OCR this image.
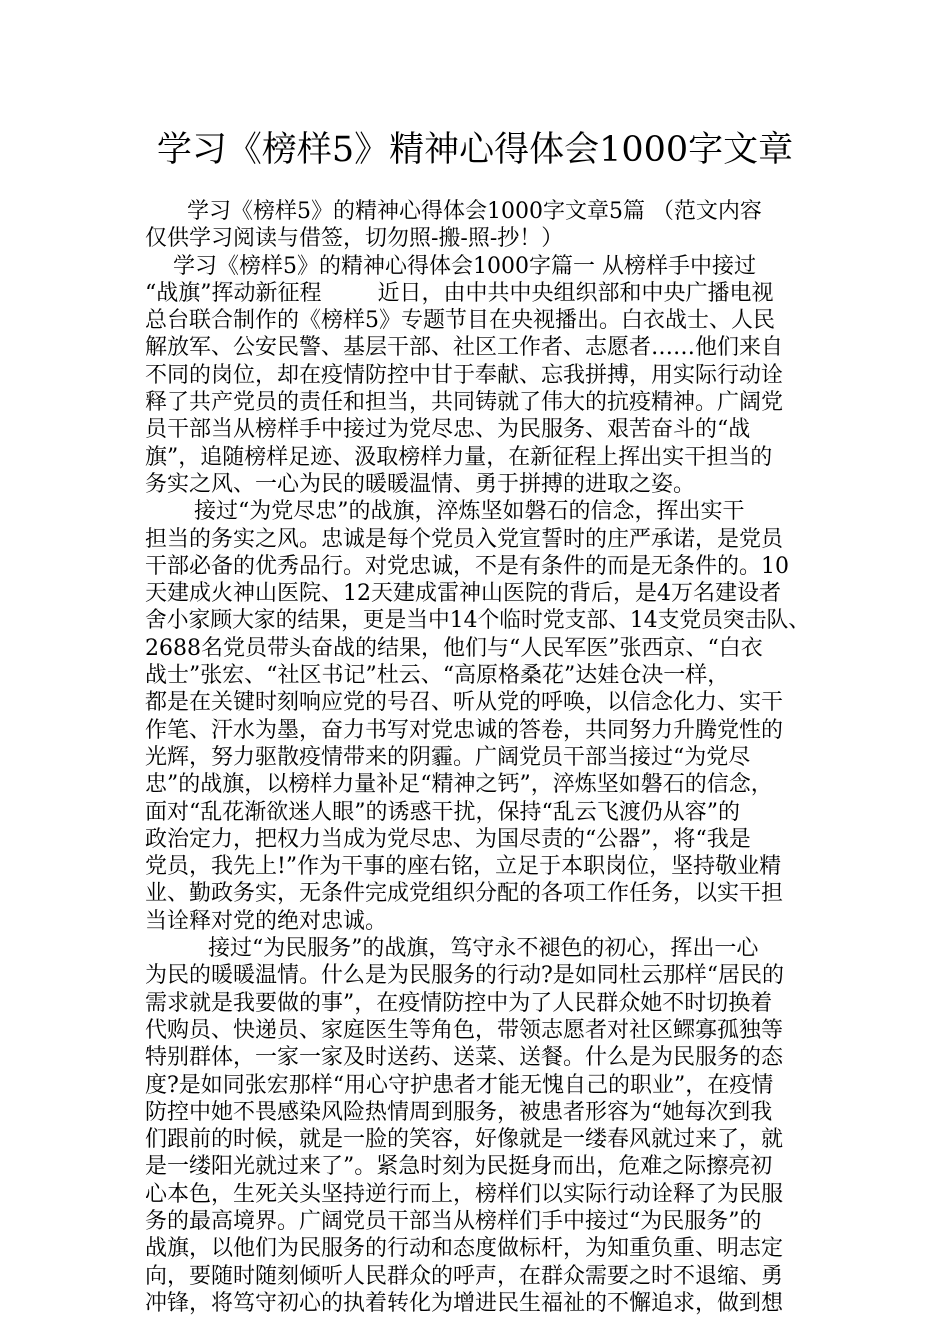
学习《榜样5》精神心得体会1000字文章
学习《榜样5》的精神心得体会1000字文章5篇 （范文内容
仅供学习阅读与借签，切勿照-搬-照-抄！）
学习《榜样5》的精神心得体会1000字篇一 从榜样手中接过
“战旗”挥动新征程        近日，由中共中央组织部和中央广播电视
总台联合制作的《榜样5》专题节目在央视播出。白衣战士、人民
解放军、公安民警、基层干部、社区工作者、志愿者……他们来自
不同的岗位，却在疫情防控中甘于奉献、忘我拼搏，用实际行动诠
释了共产党员的责任和担当，共同铸就了伟大的抗疫精神。广阔党
员干部当从榜样手中接过为党尽忠、为民服务、艰苦奋斗的“战
旗”，追随榜样足迹、汲取榜样力量，在新征程上挥出实干担当的
务实之风、一心为民的暖暖温情、勇于拼搏的进取之姿。
接过“为党尽忠”的战旗，淬炼坚如磐石的信念，挥出实干
担当的务实之风。忠诚是每个党员入党宣誓时的庄严承诺，是党员
干部必备的优秀品行。对党忠诚，不是有条件的而是无条件的。10
天建成火神山医院、12天建成雷神山医院的背后，是4万名建设者
舍小家顾大家的结果，更是当中14个临时党支部、14支党员突击队、
2688名党员带头奋战的结果，他们与“人民军医”张西京、“白衣
战士”张宏、“社区书记”杜云、“高原格桑花”达娃仓决一样，
都是在关键时刻响应党的号召、听从党的呼唤，以信念化力、实干
作笔、汗水为墨，奋力书写对党忠诚的答卷，共同努力升腾党性的
光辉，努力驱散疫情带来的阴霾。广阔党员干部当接过“为党尽
忠”的战旗，以榜样力量补足“精神之钙”，淬炼坚如磐石的信念，
面对“乱花渐欲迷人眼”的诱惑干扰，保持“乱云飞渡仍从容”的
政治定力，把权力当成为党尽忠、为国尽责的“公器”，将“我是
党员，我先上!”作为干事的座右铭，立足于本职岗位，坚持敬业精
业、勤政务实，无条件完成党组织分配的各项工作任务，以实干担
当诠释对党的绝对忠诚。
接过“为民服务”的战旗，笃守永不褪色的初心，挥出一心
为民的暖暖温情。什么是为民服务的行动?是如同杜云那样“居民的
需求就是我要做的事”，在疫情防控中为了人民群众她不时切换着
代购员、快递员、家庭医生等角色，带领志愿者对社区鳏寡孤独等
特别群体，一家一家及时送药、送菜、送餐。什么是为民服务的态
度?是如同张宏那样“用心守护患者才能无愧自己的职业”，在疫情
防控中她不畏感染风险热情周到服务，被患者形容为“她每次到我
们跟前的时候，就是一脸的笑容，好像就是一缕春风就过来了，就
是一缕阳光就过来了”。紧急时刻为民挺身而出，危难之际擦亮初
心本色，生死关头坚持逆行而上，榜样们以实际行动诠释了为民服
务的最高境界。广阔党员干部当从榜样们手中接过“为民服务”的
战旗，以他们为民服务的行动和态度做标杆，为知重负重、明志定
向，要随时随刻倾听人民群众的呼声，在群众需要之时不退缩、勇
冲锋，将笃守初心的执着转化为增进民生福祉的不懈追求，做到想
